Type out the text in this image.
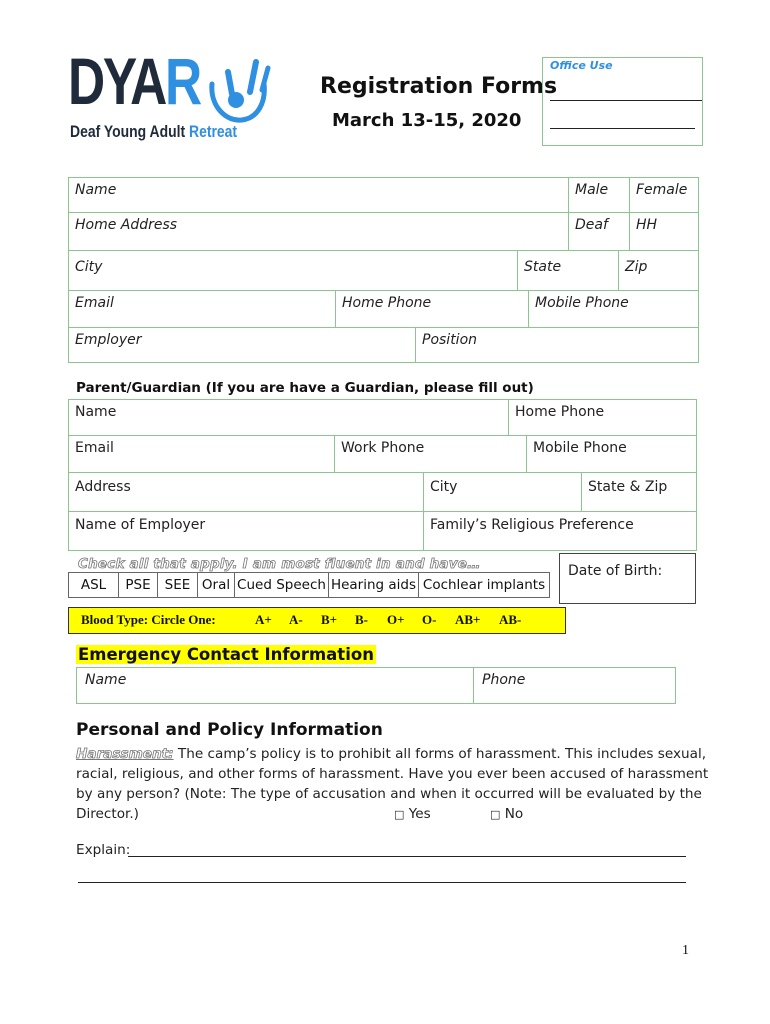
DYAR
Deaf Young Adult Retreat
Registration Forms
March 13-15, 2020
Office Use
Name	Male Female
Home Address	Deaf HH
City	State	Zip
Email	Home Phone	Mobile Phone
Employer	Position
Parent/Guardian (If you are have a Guardian, please fill out)
Name	Home Phone
Email	Work Phone	Mobile Phone
Address	City	State & Zip
Name of Employer	Family’s Religious Preference
Check all that apply. I am most fluent in and have…
ASL	PSE	SEE Oral Cued Speech Hearing aids Cochlear implants
Date of Birth:
Blood Type: Circle One:	A+ A- B+ B- O+ O- AB+ AB-
Emergency Contact Information
Name	Phone
Personal and Policy Information
Harassment: The camp’s policy is to prohibit all forms of harassment. This includes sexual,
racial, religious, and other forms of harassment. Have you ever been accused of harassment
by any person? (Note: The type of accusation and when it occurred will be evaluated by the
Director.)	□ Yes	□ No
Explain:
1
